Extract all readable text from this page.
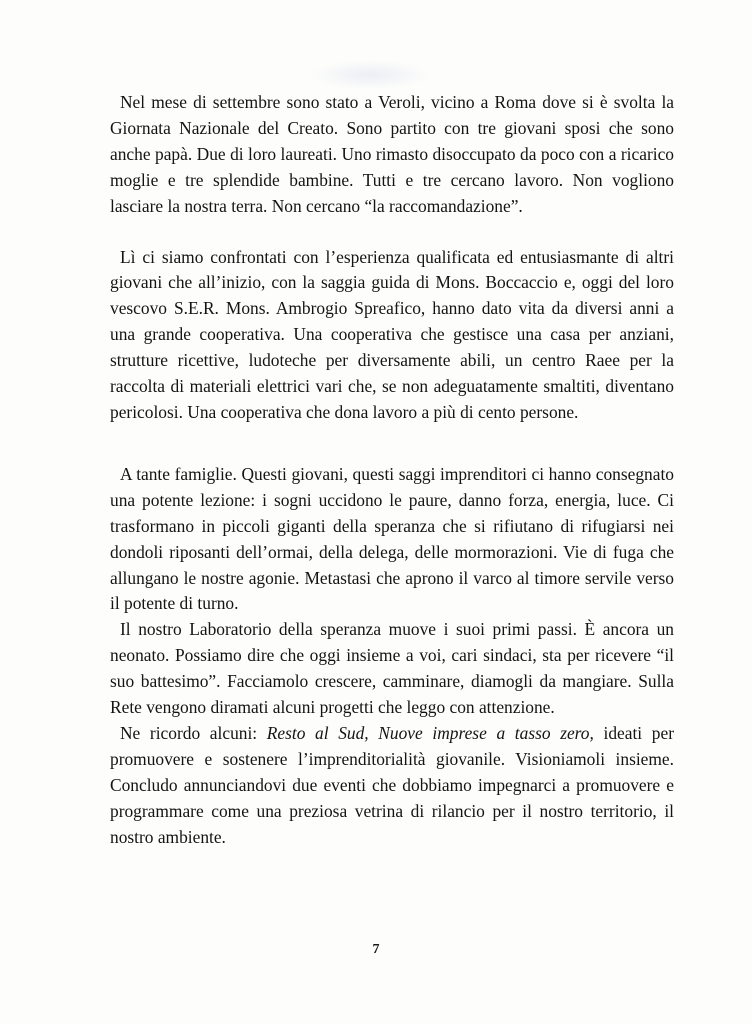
Nel mese di settembre sono stato a Veroli, vicino a Roma dove si è svolta la Giornata Nazionale del Creato. Sono partito con tre giovani sposi che sono anche papà. Due di loro laureati. Uno rimasto disoccupato da poco con a ricarico moglie e tre splendide bambine. Tutti e tre cercano lavoro. Non vogliono lasciare la nostra terra. Non cercano “la raccomandazione”.

Lì ci siamo confrontati con l’esperienza qualificata ed entusiasmante di altri giovani che all’inizio, con la saggia guida di Mons. Boccaccio e, oggi del loro vescovo S.E.R. Mons. Ambrogio Spreafico, hanno dato vita da diversi anni a una grande cooperativa. Una cooperativa che gestisce una casa per anziani, strutture ricettive, ludoteche per diversamente abili, un centro Raee per la raccolta di materiali elettrici vari che, se non adeguatamente smaltiti, diventano pericolosi. Una cooperativa che dona lavoro a più di cento persone.

A tante famiglie. Questi giovani, questi saggi imprenditori ci hanno consegnato una potente lezione: i sogni uccidono le paure, danno forza, energia, luce. Ci trasformano in piccoli giganti della speranza che si rifiutano di rifugiarsi nei dondoli riposanti dell’ormai, della delega, delle mormorazioni. Vie di fuga che allungano le nostre agonie. Metastasi che aprono il varco al timore servile verso il potente di turno.

Il nostro Laboratorio della speranza muove i suoi primi passi. È ancora un neonato. Possiamo dire che oggi insieme a voi, cari sindaci, sta per ricevere “il suo battesimo”. Facciamolo crescere, camminare, diamogli da mangiare. Sulla Rete vengono diramati alcuni progetti che leggo con attenzione.

Ne ricordo alcuni: Resto al Sud, Nuove imprese a tasso zero, ideati per promuovere e sostenere l’imprenditorialità giovanile. Visioniamoli insieme. Concludo annunciandovi due eventi che dobbiamo impegnarci a promuovere e programmare come una preziosa vetrina di rilancio per il nostro territorio, il nostro ambiente.

7
